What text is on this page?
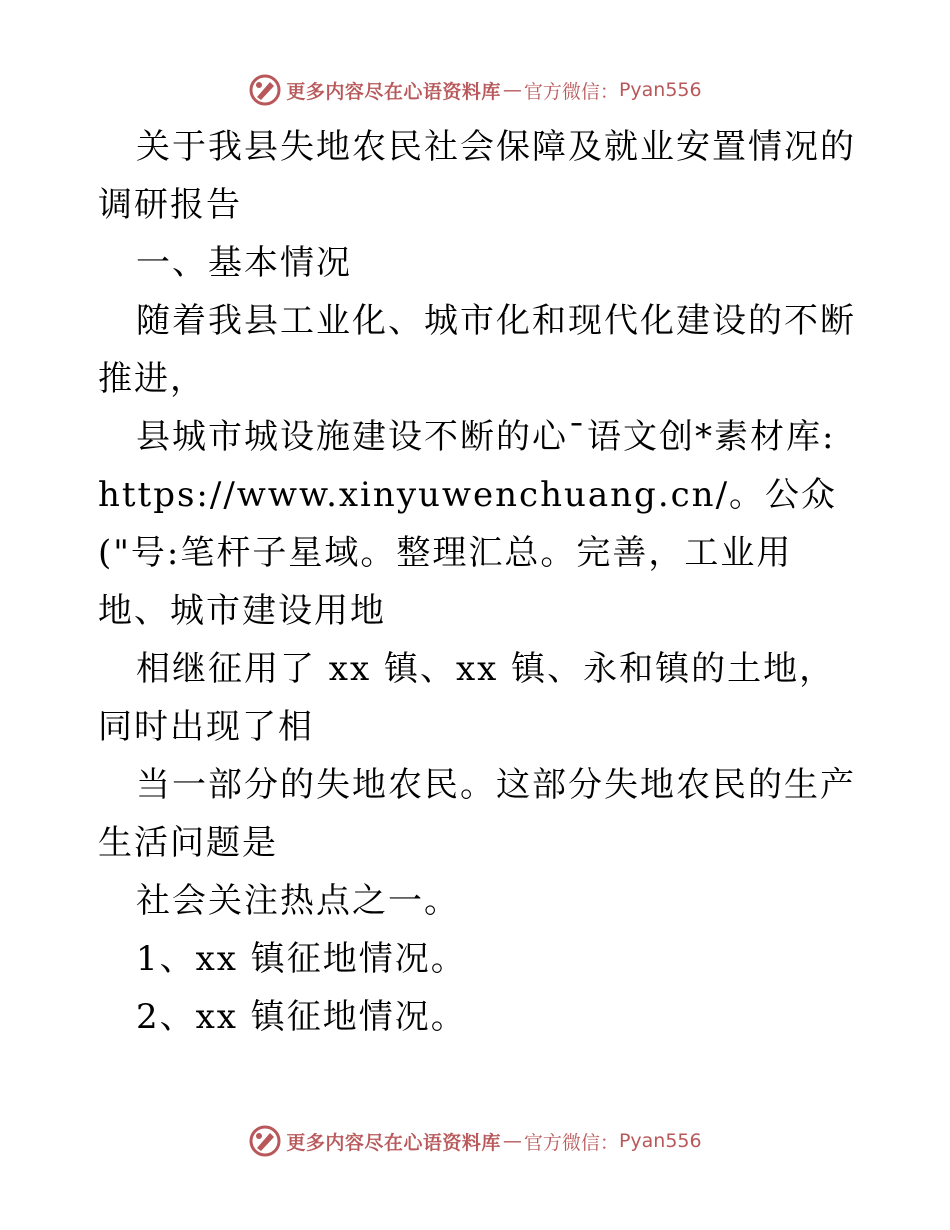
更多内容尽在心语资料库 — 官方微信： Pyan556

关于我县失地农民社会保障及就业安置情况的调研报告

一、基本情况

随着我县工业化、城市化和现代化建设的不断推进，

县城市城设施建设不断的心¯语文创*素材库: https://www.xinyuwenchuang.cn/。公众("号:笔杆子星域。整理汇总。完善，工业用地、城市建设用地

相继征用了 xx 镇、xx 镇、永和镇的土地，同时出现了相

当一部分的失地农民。这部分失地农民的生产生活问题是

社会关注热点之一。

1、xx 镇征地情况。

2、xx 镇征地情况。

更多内容尽在心语资料库 — 官方微信： Pyan556
